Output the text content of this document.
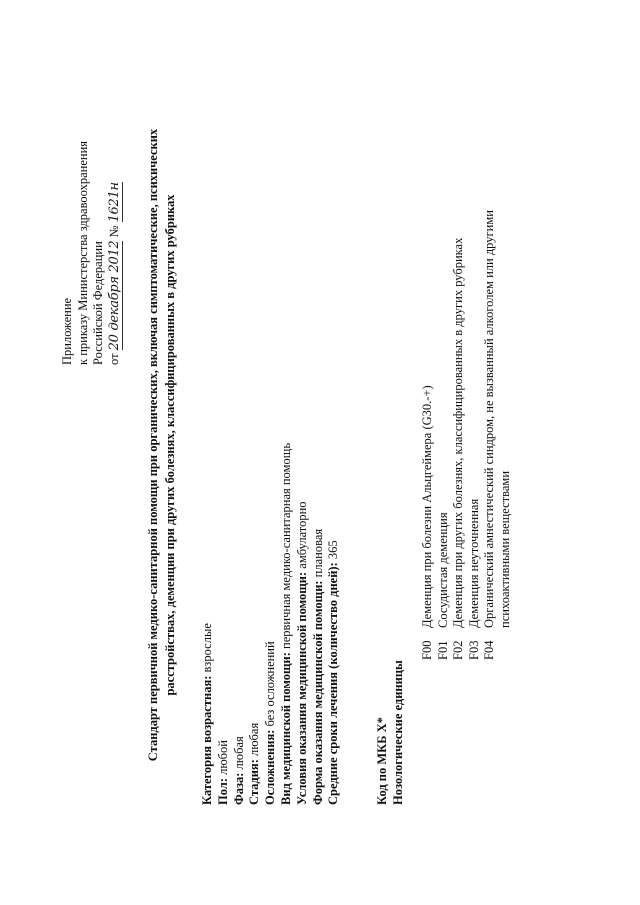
Приложение к приказу Министерства здравоохранения Российской Федерации от 20 декабря 2012 № 1621н Стандарт первичной медико-санитарной помощи при органических, включая симптоматические, психических расстройствах, деменции при других болезнях, классифицированных в других рубриках
Категория возрастная: взрослые
Пол: любой
Фаза: любая
Стадия: любая Осложнения: без осложнений Вид медицинской помощи: первичная медико-санитарная помощь
Условия оказания медицинской помощи: амбулаторно
Форма оказания медицинской помощи: плановая
Средние сроки лечения (количество дней): 365
Код по МКБ X* Нозологические единицы
F00
Деменция при болезни Альцгеймера (G30.-+)
F01
Сосудистая деменция
F02
Деменция при других болезнях, классифицированных в других рубриках
F03
Деменция неуточненная
F04
Органический амнестический синдром, не вызванный алкоголем или другими психоактивными веществами
